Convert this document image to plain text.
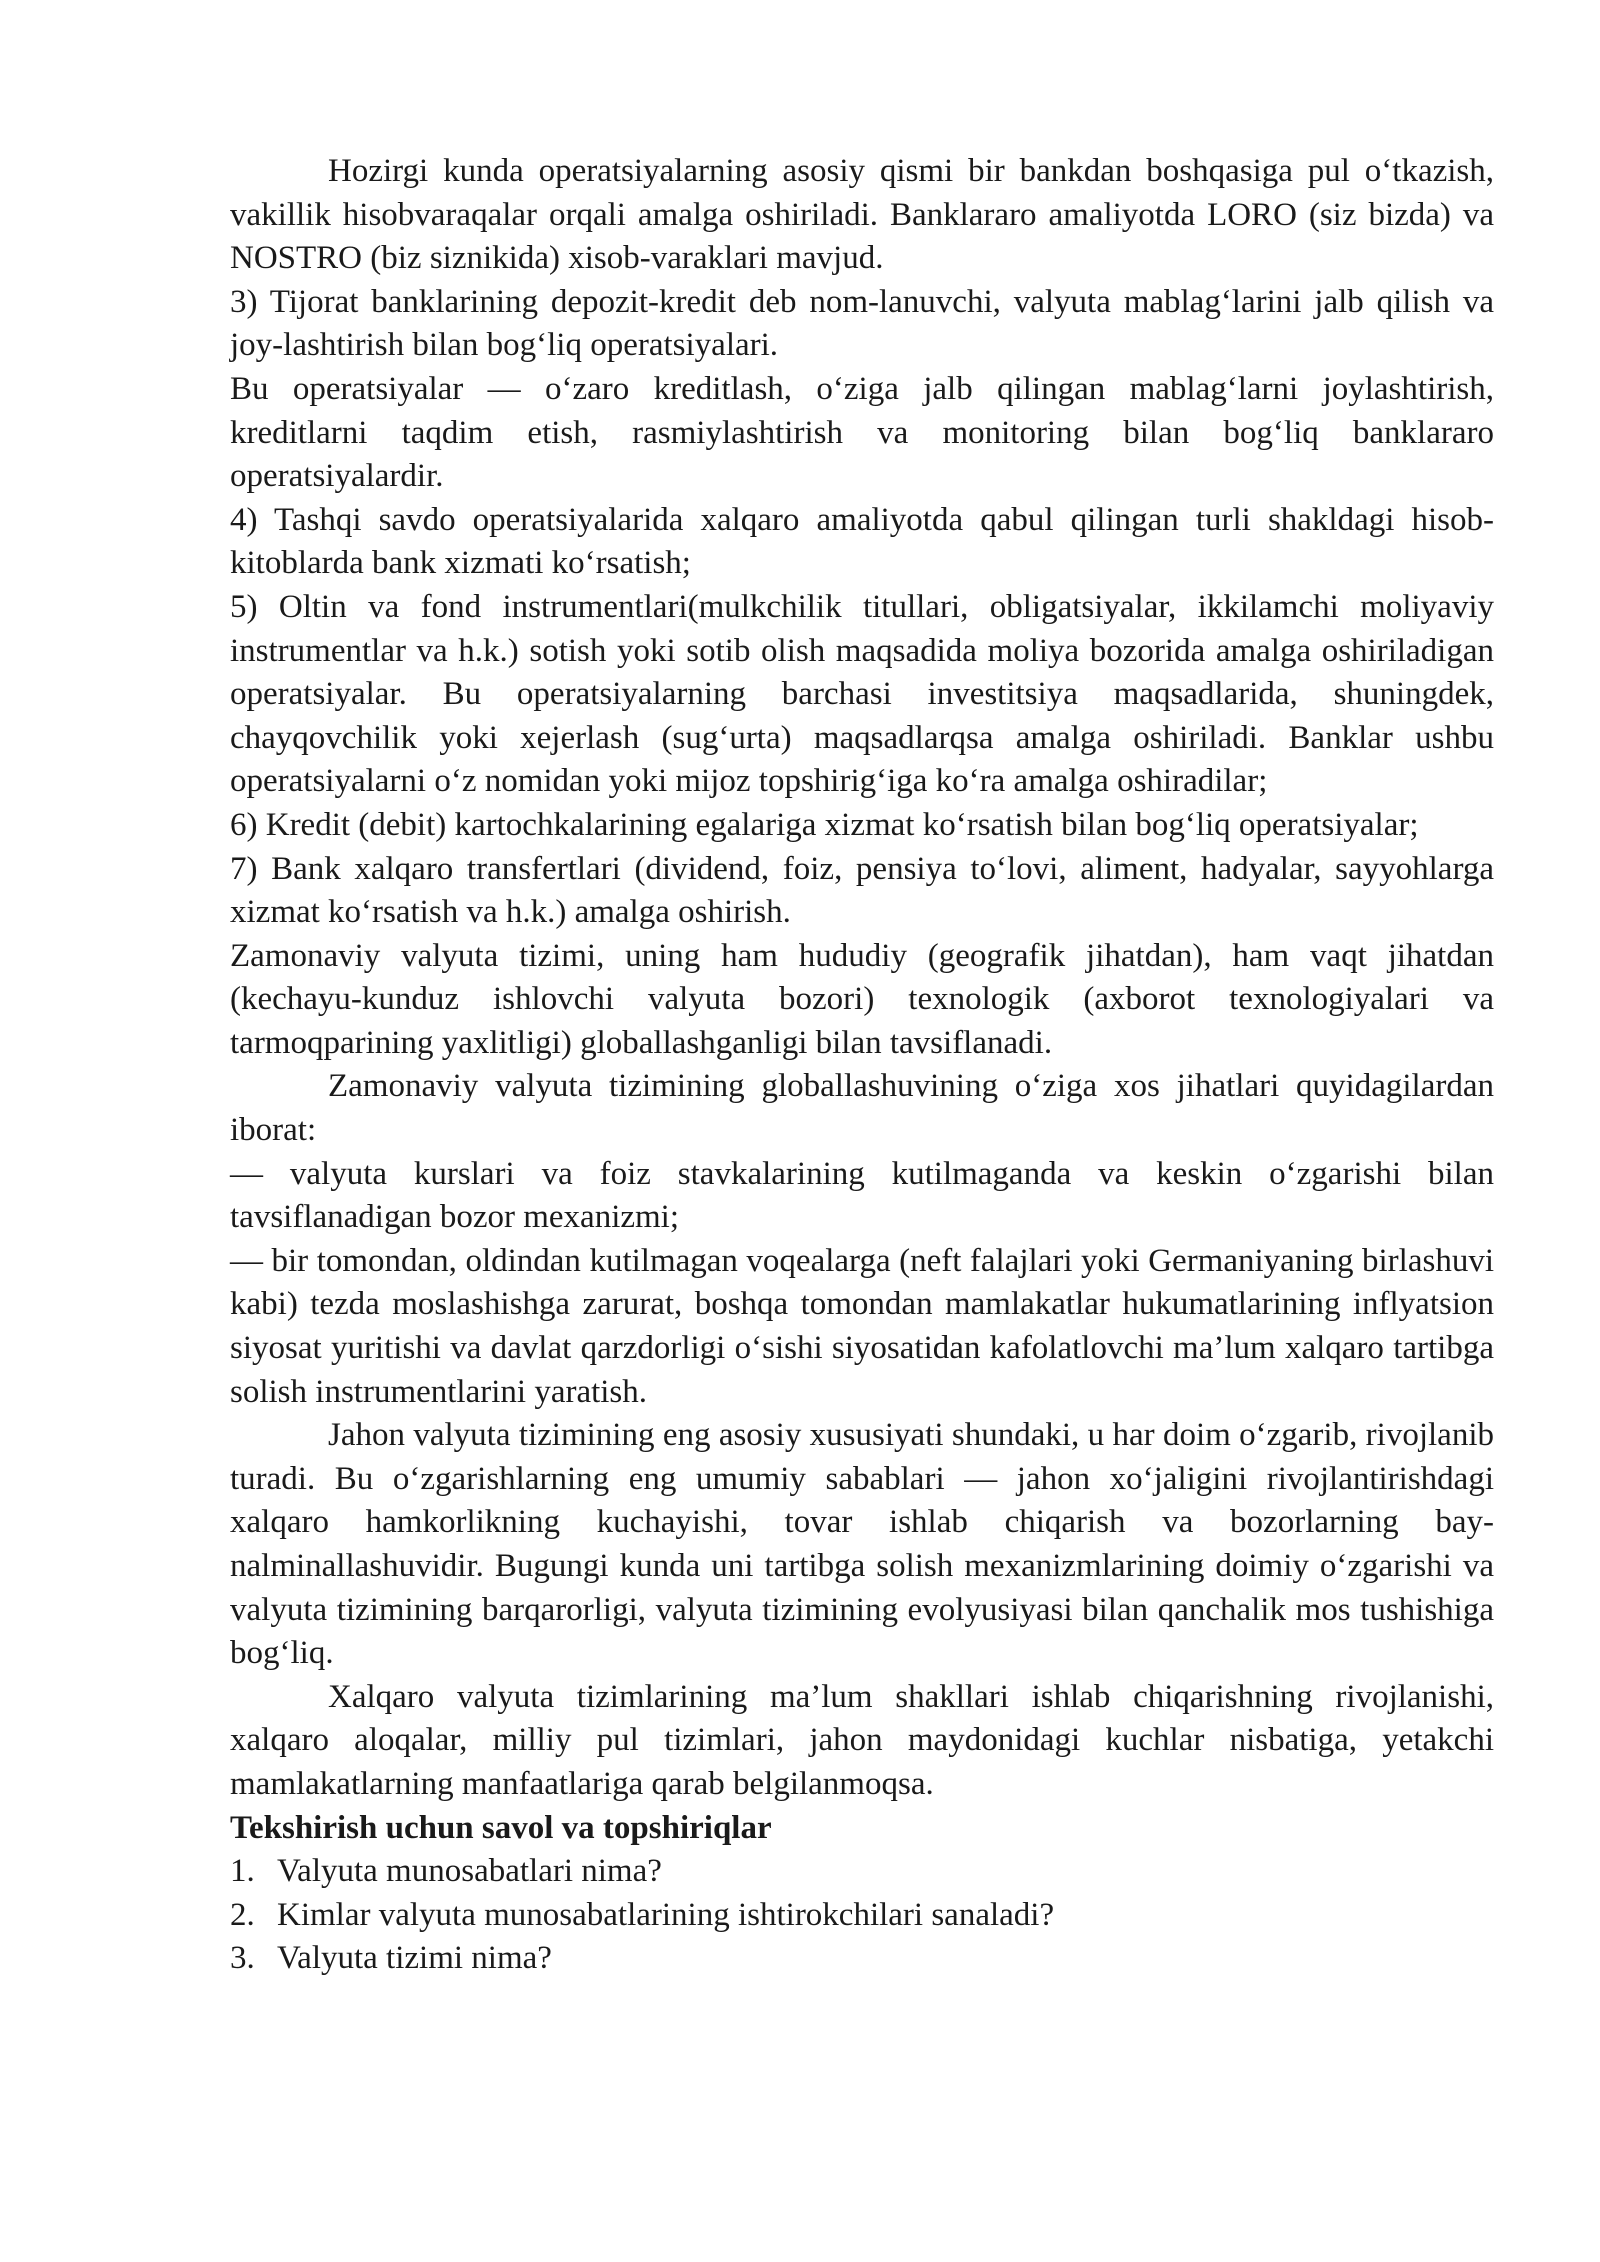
Hozirgi kunda operatsiyalarning asosiy qismi bir bankdan boshqasiga pul o‘tkazish, vakillik hisobvaraqalar orqali amalga oshiriladi. Banklararo amaliyotda LORO (siz bizda) va NOSTRO (biz siznikida) xisob-varaklari mavjud.

3) Tijorat banklarining depozit-kredit deb nom-lanuvchi, valyuta mablag‘larini jalb qilish va joy-lashtirish bilan bog‘liq operatsiyalari.

Bu operatsiyalar — o‘zaro kreditlash, o‘ziga jalb qilingan mablag‘larni joylashtirish, kreditlarni taqdim etish, rasmiylashtirish va monitoring bilan bog‘liq banklararo operatsiyalardir.

4) Tashqi savdo operatsiyalarida xalqaro amaliyotda qabul qilingan turli shakldagi hisob-kitoblarda bank xizmati ko‘rsatish;

5) Oltin va fond instrumentlari(mulkchilik titullari, obligatsiyalar, ikkilamchi moliyaviy instrumentlar va h.k.) sotish yoki sotib olish maqsadida moliya bozorida amalga oshiriladigan operatsiyalar. Bu operatsiyalarning barchasi investitsiya maqsadlarida, shuningdek, chayqovchilik yoki xejerlash (sug‘urta) maqsadlarqsa amalga oshiriladi. Banklar ushbu operatsiyalarni o‘z nomidan yoki mijoz topshirig‘iga ko‘ra amalga oshiradilar;

6) Kredit (debit) kartochkalarining egalariga xizmat ko‘rsatish bilan bog‘liq operatsiyalar;

7) Bank xalqaro transfertlari (dividend, foiz, pensiya to‘lovi, aliment, hadyalar, sayyohlarga xizmat ko‘rsatish va h.k.) amalga oshirish.

Zamonaviy valyuta tizimi, uning ham hududiy (geografik jihatdan), ham vaqt jihatdan (kechayu-kunduz ishlovchi valyuta bozori) texnologik (axborot texnologiyalari va tarmoqparining yaxlitligi) globallashganligi bilan tavsiflanadi.

Zamonaviy valyuta tizimining globallashuvining o‘ziga xos jihatlari quyidagilardan iborat:

— valyuta kurslari va foiz stavkalarining kutilmaganda va keskin o‘zgarishi bilan tavsiflanadigan bozor mexanizmi;

— bir tomondan, oldindan kutilmagan voqealarga (neft falajlari yoki Germaniyaning birlashuvi kabi) tezda moslashishga zarurat, boshqa tomondan mamlakatlar hukumatlarining inflyatsion siyosat yuritishi va davlat qarzdorligi o‘sishi siyosatidan kafolatlovchi ma’lum xalqaro tartibga solish instrumentlarini yaratish.

Jahon valyuta tizimining eng asosiy xususiyati shundaki, u har doim o‘zgarib, rivojlanib turadi. Bu o‘zgarishlarning eng umumiy sabablari — jahon xo‘jaligini rivojlantirishdagi xalqaro hamkorlikning kuchayishi, tovar ishlab chiqarish va bozorlarning bay-nalminallashuvidir. Bugungi kunda uni tartibga solish mexanizmlarining doimiy o‘zgarishi va valyuta tizimining barqarorligi, valyuta tizimining evolyusiyasi bilan qanchalik mos tushishiga bog‘liq.

Xalqaro valyuta tizimlarining ma’lum shakllari ishlab chiqarishning rivojlanishi, xalqaro aloqalar, milliy pul tizimlari, jahon maydonidagi kuchlar nisbatiga, yetakchi mamlakatlarning manfaatlariga qarab belgilanmoqsa.

Tekshirish uchun savol va topshiriqlar

1. Valyuta munosabatlari nima?
2. Kimlar valyuta munosabatlarining ishtirokchilari sanaladi?
3. Valyuta tizimi nima?
